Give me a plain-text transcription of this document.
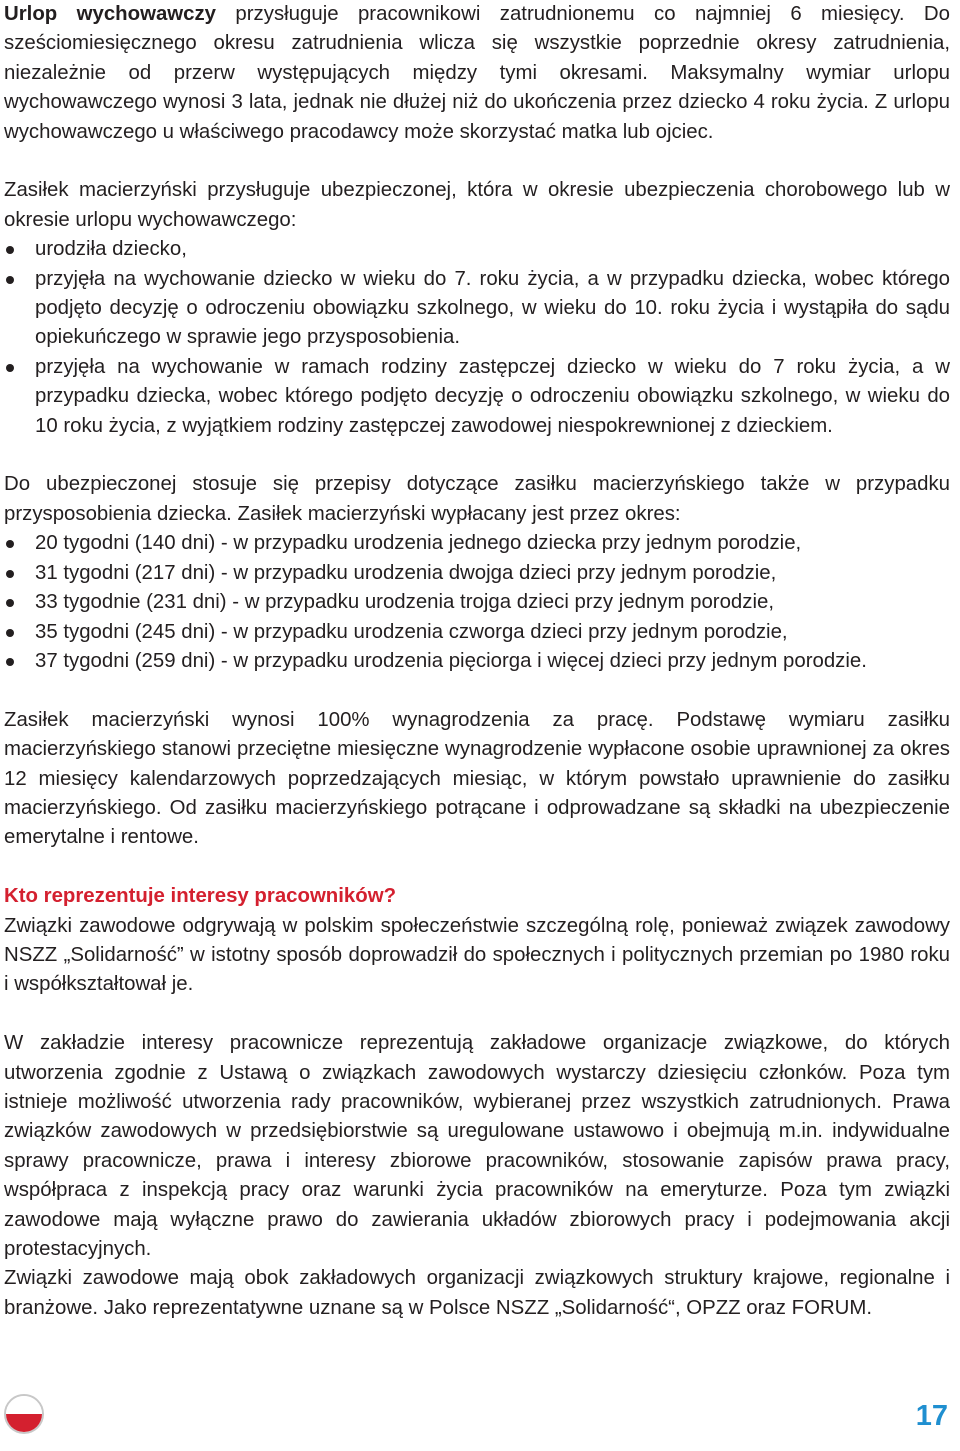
Urlop wychowawczy przysługuje pracownikowi zatrudnionemu co najmniej 6 miesięcy. Do sześciomiesięcznego okresu zatrudnienia wlicza się wszystkie poprzednie okresy zatrudnienia, niezależnie od przerw występujących między tymi okresami. Maksymalny wymiar urlopu wychowawczego wynosi 3 lata, jednak nie dłużej niż do ukończenia przez dziecko 4 roku życia. Z urlopu wychowawczego u właściwego pracodawcy może skorzystać matka lub ojciec.

Zasiłek macierzyński przysługuje ubezpieczonej, która w okresie ubezpieczenia chorobowego lub w okresie urlopu wychowawczego:

urodziła dziecko,
przyjęła na wychowanie dziecko w wieku do 7. roku życia, a w przypadku dziecka, wobec którego podjęto decyzję o odroczeniu obowiązku szkolnego, w wieku do 10. roku życia i wystąpiła do sądu opiekuńczego w sprawie jego przysposobienia.
przyjęła na wychowanie w ramach rodziny zastępczej dziecko w wieku do 7 roku życia, a w przypadku dziecka, wobec którego podjęto decyzję o odroczeniu obowiązku szkolnego, w wieku do 10 roku życia, z wyjątkiem rodziny zastępczej zawodowej niespokrewnionej z dzieckiem.

Do ubezpieczonej stosuje się przepisy dotyczące zasiłku macierzyńskiego także w przypadku przysposobienia dziecka. Zasiłek macierzyński wypłacany jest przez okres:

20 tygodni (140 dni) - w przypadku urodzenia jednego dziecka przy jednym porodzie,
31 tygodni (217 dni) - w przypadku urodzenia dwojga dzieci przy jednym porodzie,
33 tygodnie (231 dni) - w przypadku urodzenia trojga dzieci przy jednym porodzie,
35 tygodni (245 dni) - w przypadku urodzenia czworga dzieci przy jednym porodzie,
37 tygodni (259 dni) - w przypadku urodzenia pięciorga i więcej dzieci przy jednym porodzie.

Zasiłek macierzyński wynosi 100% wynagrodzenia za pracę. Podstawę wymiaru zasiłku macierzyńskiego stanowi przeciętne miesięczne wynagrodzenie wypłacone osobie uprawnionej za okres 12 miesięcy kalendarzowych poprzedzających miesiąc, w którym powstało uprawnienie do zasiłku macierzyńskiego. Od zasiłku macierzyńskiego potrącane i odprowadzane są składki na ubezpieczenie emerytalne i rentowe.

Kto reprezentuje interesy pracowników?

Związki zawodowe odgrywają w polskim społeczeństwie szczególną rolę, ponieważ związek zawodowy NSZZ „Solidarność” w istotny sposób doprowadził do społecznych i politycznych przemian po 1980 roku i współkształtował je.

W zakładzie interesy pracownicze reprezentują zakładowe organizacje związkowe, do których utworzenia zgodnie z Ustawą o związkach zawodowych wystarczy dziesięciu członków. Poza tym istnieje możliwość utworzenia rady pracowników, wybieranej przez wszystkich zatrudnionych. Prawa związków zawodowych w przedsiębiorstwie są uregulowane ustawowo i obejmują m.in. indywidualne sprawy pracownicze, prawa i interesy zbiorowe pracowników, stosowanie zapisów prawa pracy, współpraca z inspekcją pracy oraz warunki życia pracowników na emeryturze. Poza tym związki zawodowe mają wyłączne prawo do zawierania układów zbiorowych pracy i podejmowania akcji protestacyjnych.

Związki zawodowe mają obok zakładowych organizacji związkowych struktury krajowe, regionalne i branżowe. Jako reprezentatywne uznane są w Polsce NSZZ „Solidarność“, OPZZ oraz FORUM.

17
